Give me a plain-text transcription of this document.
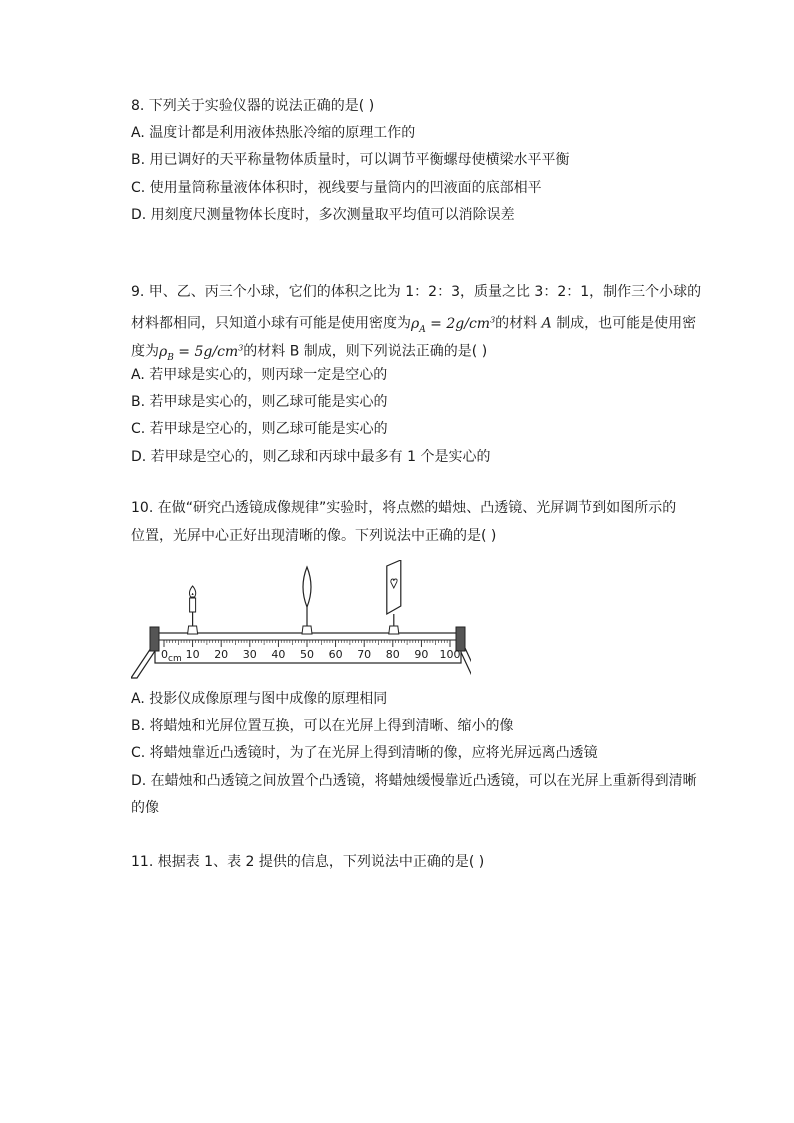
8. 下列关于实验仪器的说法正确的是( )
A. 温度计都是利用液体热胀冷缩的原理工作的
B. 用已调好的天平称量物体质量时，可以调节平衡螺母使横梁水平平衡
C. 使用量筒称量液体体积时，视线要与量筒内的凹液面的底部相平
D. 用刻度尺测量物体长度时，多次测量取平均值可以消除误差
9. 甲、乙、丙三个小球，它们的体积之比为 1：2：3，质量之比 3：2：1，制作三个小球的
材料都相同，只知道小球有可能是使用密度为$\rho_A = 2g/cm^3$的材料 A 制成，也可能是使用密
度为$\rho_B = 5g/cm^3$的材料 B 制成，则下列说法正确的是( )
A. 若甲球是实心的，则丙球一定是空心的
B. 若甲球是实心的，则乙球可能是实心的
C. 若甲球是空心的，则乙球可能是实心的
D. 若甲球是空心的，则乙球和丙球中最多有 1 个是实心的
10. 在做“研究凸透镜成像规律”实验时，将点燃的蜡烛、凸透镜、光屏调节到如图所示的
位置，光屏中心正好出现清晰的像。下列说法中正确的是( )
0 cm 10 20 30 40 50 60 70 80 90 100
A. 投影仪成像原理与图中成像的原理相同
B. 将蜡烛和光屏位置互换，可以在光屏上得到清晰、缩小的像
C. 将蜡烛靠近凸透镜时，为了在光屏上得到清晰的像，应将光屏远离凸透镜
D. 在蜡烛和凸透镜之间放置个凸透镜，将蜡烛缓慢靠近凸透镜，可以在光屏上重新得到清晰
的像
11. 根据表 1、表 2 提供的信息，下列说法中正确的是( )
